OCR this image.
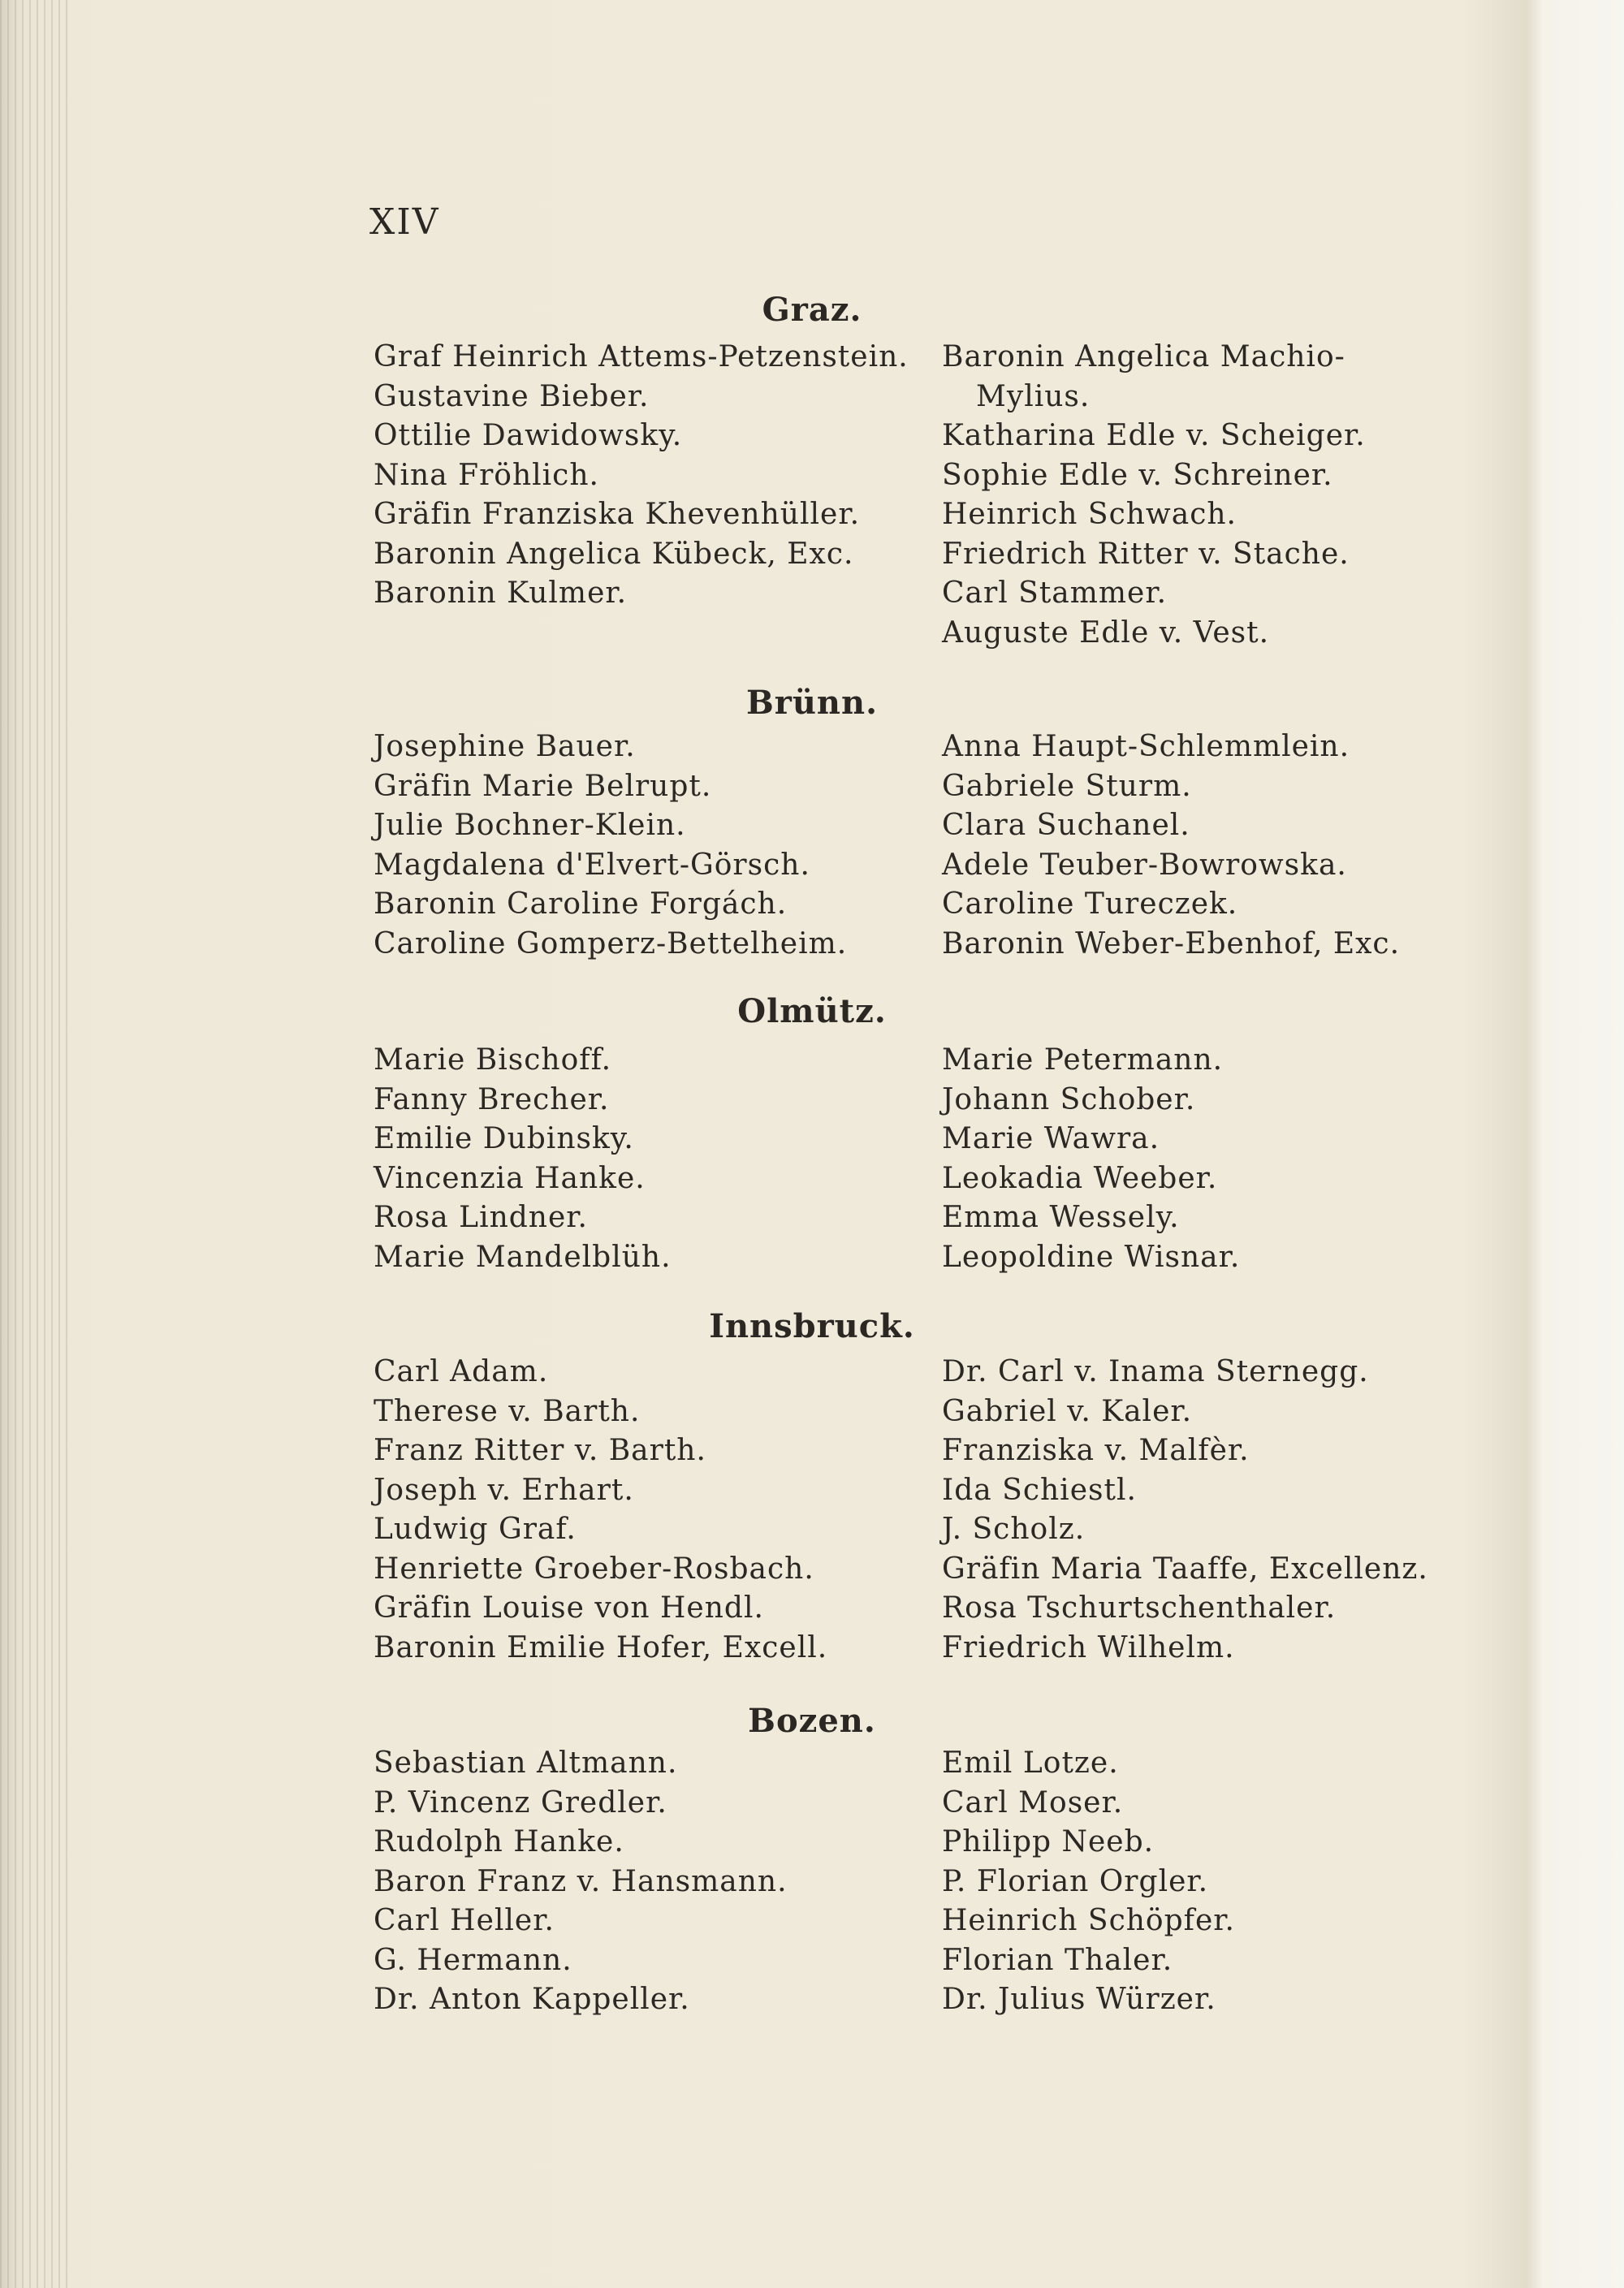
XIV
Graz.
Graf Heinrich Attems-Petzenstein.
Gustavine Bieber.
Ottilie Dawidowsky.
Nina Fröhlich.
Gräfin Franziska Khevenhüller.
Baronin Angelica Kübeck, Exc.
Baronin Kulmer.
Baronin Angelica Machio-
Mylius.
Katharina Edle v. Scheiger.
Sophie Edle v. Schreiner.
Heinrich Schwach.
Friedrich Ritter v. Stache.
Carl Stammer.
Auguste Edle v. Vest.
Brünn.
Josephine Bauer.
Gräfin Marie Belrupt.
Julie Bochner-Klein.
Magdalena d'Elvert-Görsch.
Baronin Caroline Forgách.
Caroline Gomperz-Bettelheim.
Anna Haupt-Schlemmlein.
Gabriele Sturm.
Clara Suchanel.
Adele Teuber-Bowrowska.
Caroline Tureczek.
Baronin Weber-Ebenhof, Exc.
Olmütz.
Marie Bischoff.
Fanny Brecher.
Emilie Dubinsky.
Vincenzia Hanke.
Rosa Lindner.
Marie Mandelblüh.
Marie Petermann.
Johann Schober.
Marie Wawra.
Leokadia Weeber.
Emma Wessely.
Leopoldine Wisnar.
Innsbruck.
Carl Adam.
Therese v. Barth.
Franz Ritter v. Barth.
Joseph v. Erhart.
Ludwig Graf.
Henriette Groeber-Rosbach.
Gräfin Louise von Hendl.
Baronin Emilie Hofer, Excell.
Dr. Carl v. Inama Sternegg.
Gabriel v. Kaler.
Franziska v. Malfèr.
Ida Schiestl.
J. Scholz.
Gräfin Maria Taaffe, Excellenz.
Rosa Tschurtschenthaler.
Friedrich Wilhelm.
Bozen.
Sebastian Altmann.
P. Vincenz Gredler.
Rudolph Hanke.
Baron Franz v. Hansmann.
Carl Heller.
G. Hermann.
Dr. Anton Kappeller.
Emil Lotze.
Carl Moser.
Philipp Neeb.
P. Florian Orgler.
Heinrich Schöpfer.
Florian Thaler.
Dr. Julius Würzer.
